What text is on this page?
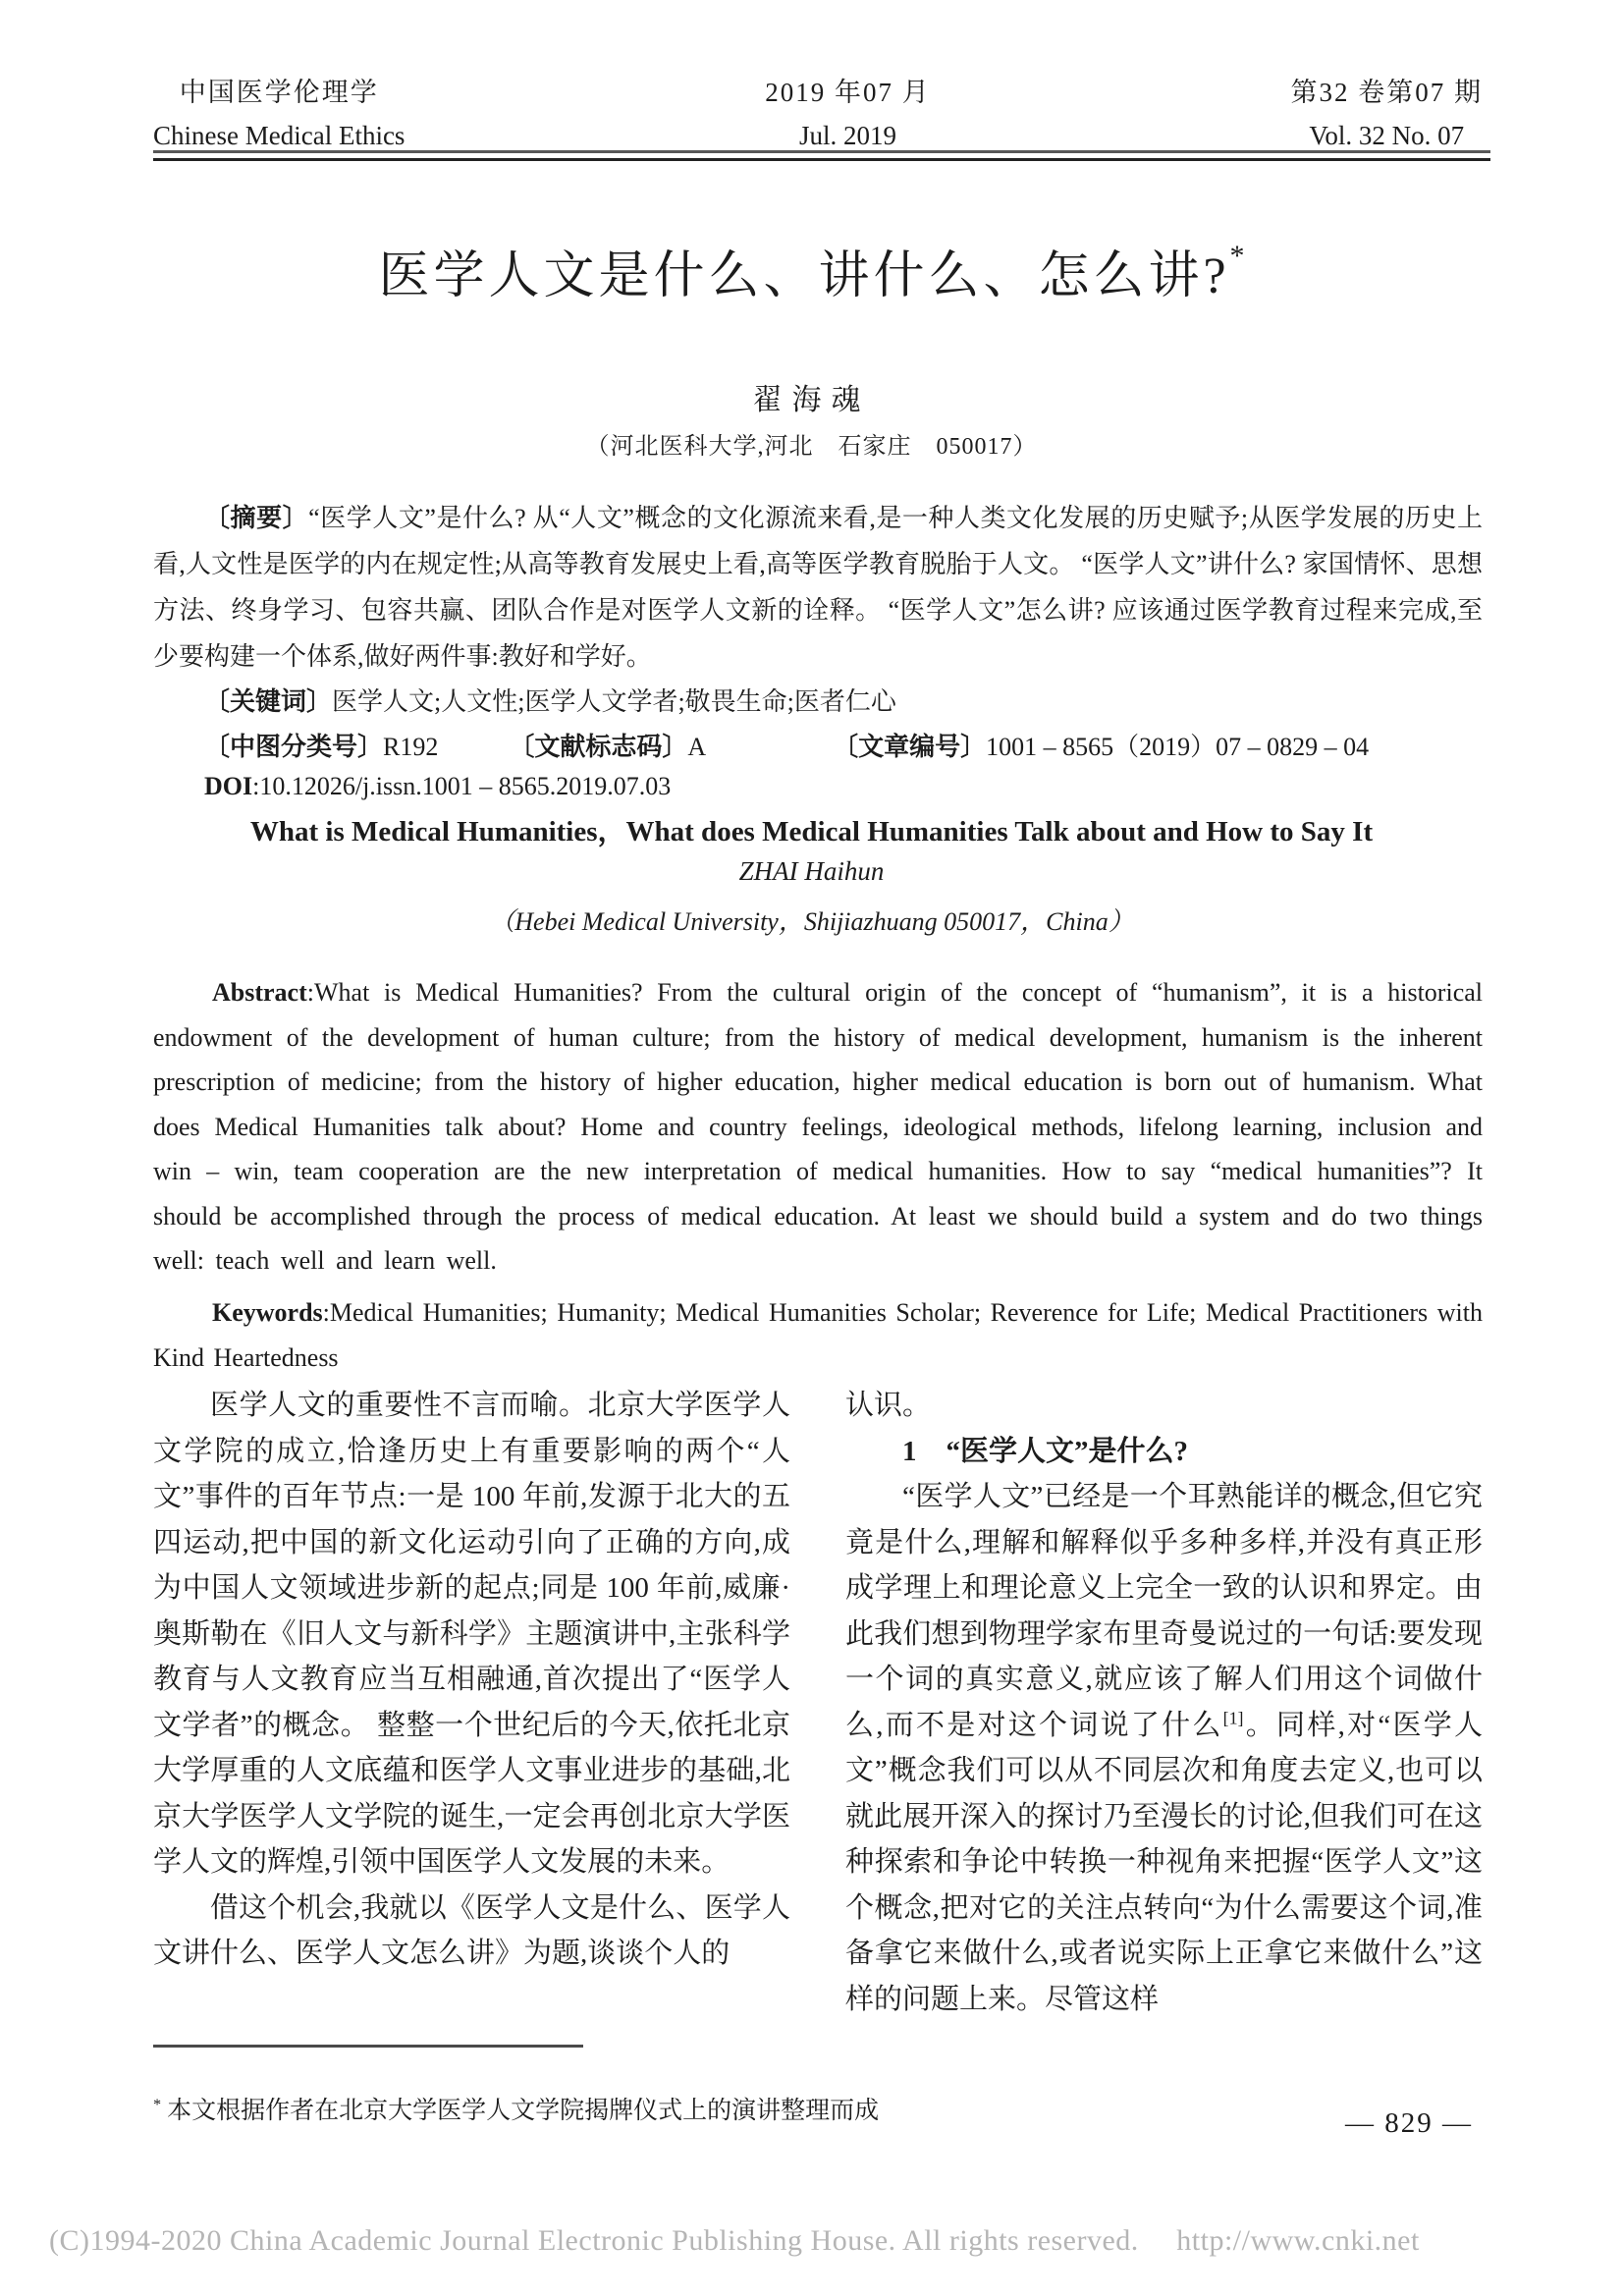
中国医学伦理学
Chinese Medical Ethics
2019 年07 月
Jul. 2019
第32 卷第07 期
Vol. 32 No. 07
医学人文是什么、讲什么、怎么讲?*
翟海魂
（河北医科大学,河北　石家庄　050017）

〔摘要〕“医学人文”是什么? 从“人文”概念的文化源流来看,是一种人类文化发展的历史赋予;从医学发展的历史上看,人文性是医学的内在规定性;从高等教育发展史上看,高等医学教育脱胎于人文。 “医学人文”讲什么? 家国情怀、思想方法、终身学习、包容共赢、团队合作是对医学人文新的诠释。 “医学人文”怎么讲? 应该通过医学教育过程来完成,至少要构建一个体系,做好两件事:教好和学好。

〔关键词〕医学人文;人文性;医学人文学者;敬畏生命;医者仁心

〔中图分类号〕R192	〔文献标志码〕A	〔文章编号〕1001 – 8565（2019）07 – 0829 – 04

DOI:10.12026/j.issn.1001 – 8565.2019.07.03

What is Medical Humanities，What does Medical Humanities Talk about and How to Say It
ZHAI Haihun
（Hebei Medical University，Shijiazhuang 050017，China）

Abstract:What is Medical Humanities? From the cultural origin of the concept of “humanism”, it is a historical endowment of the development of human culture; from the history of medical development, humanism is the inherent prescription of medicine; from the history of higher education, higher medical education is born out of humanism. What does Medical Humanities talk about? Home and country feelings, ideological methods, lifelong learning, inclusion and win – win, team cooperation are the new interpretation of medical humanities. How to say “medical humanities”? It should be accomplished through the process of medical education. At least we should build a system and do two things well: teach well and learn well.

Keywords:Medical Humanities; Humanity; Medical Humanities Scholar; Reverence for Life; Medical Practitioners with Kind Heartedness

医学人文的重要性不言而喻。北京大学医学人文学院的成立,恰逢历史上有重要影响的两个“人文”事件的百年节点:一是 100 年前,发源于北大的五四运动,把中国的新文化运动引向了正确的方向,成为中国人文领域进步新的起点;同是 100 年前,威廉·奥斯勒在《旧人文与新科学》主题演讲中,主张科学教育与人文教育应当互相融通,首次提出了“医学人文学者”的概念。 整整一个世纪后的今天,依托北京大学厚重的人文底蕴和医学人文事业进步的基础,北京大学医学人文学院的诞生,一定会再创北京大学医学人文的辉煌,引领中国医学人文发展的未来。

借这个机会,我就以《医学人文是什么、医学人文讲什么、医学人文怎么讲》为题,谈谈个人的

认识。

1 “医学人文”是什么?

“医学人文”已经是一个耳熟能详的概念,但它究竟是什么,理解和解释似乎多种多样,并没有真正形成学理上和理论意义上完全一致的认识和界定。由此我们想到物理学家布里奇曼说过的一句话:要发现一个词的真实意义,就应该了解人们用这个词做什么,而不是对这个词说了什么[1]。同样,对“医学人文”概念我们可以从不同层次和角度去定义,也可以就此展开深入的探讨乃至漫长的讨论,但我们可在这种探索和争论中转换一种视角来把握“医学人文”这个概念,把对它的关注点转向“为什么需要这个词,准备拿它来做什么,或者说实际上正拿它来做什么”这样的问题上来。尽管这样

* 本文根据作者在北京大学医学人文学院揭牌仪式上的演讲整理而成	— 829 —
(C)1994-2020 China Academic Journal Electronic Publishing House. All rights reserved.　 http://www.cnki.net
